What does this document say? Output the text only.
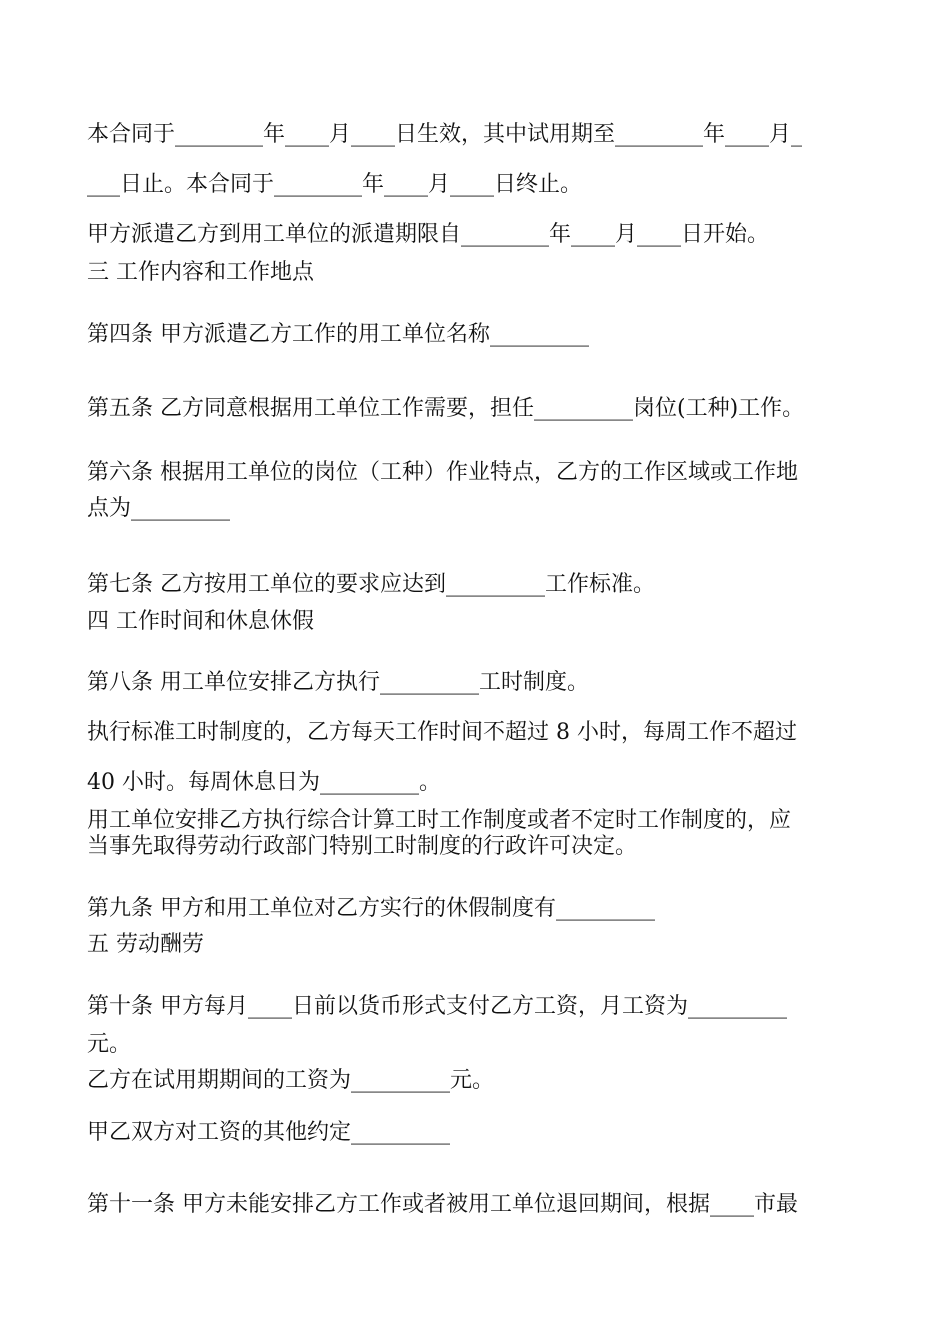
本合同于________年____月____日生效，其中试用期至________年____月_

___日止。本合同于________年____月____日终止。

甲方派遣乙方到用工单位的派遣期限自________年____月____日开始。

三 工作内容和工作地点

第四条 甲方派遣乙方工作的用工单位名称_________

第五条 乙方同意根据用工单位工作需要，担任_________岗位(工种)工作。

第六条 根据用工单位的岗位（工种）作业特点，乙方的工作区域或工作地

点为_________

第七条 乙方按用工单位的要求应达到_________工作标准。

四 工作时间和休息休假

第八条 用工单位安排乙方执行_________工时制度。

执行标准工时制度的，乙方每天工作时间不超过 8 小时，每周工作不超过

40 小时。每周休息日为_________。

用工单位安排乙方执行综合计算工时工作制度或者不定时工作制度的，应

当事先取得劳动行政部门特别工时制度的行政许可决定。

第九条 甲方和用工单位对乙方实行的休假制度有_________

五 劳动酬劳

第十条 甲方每月____日前以货币形式支付乙方工资，月工资为_________

元。

乙方在试用期期间的工资为_________元。

甲乙双方对工资的其他约定_________

第十一条 甲方未能安排乙方工作或者被用工单位退回期间，根据____市最
